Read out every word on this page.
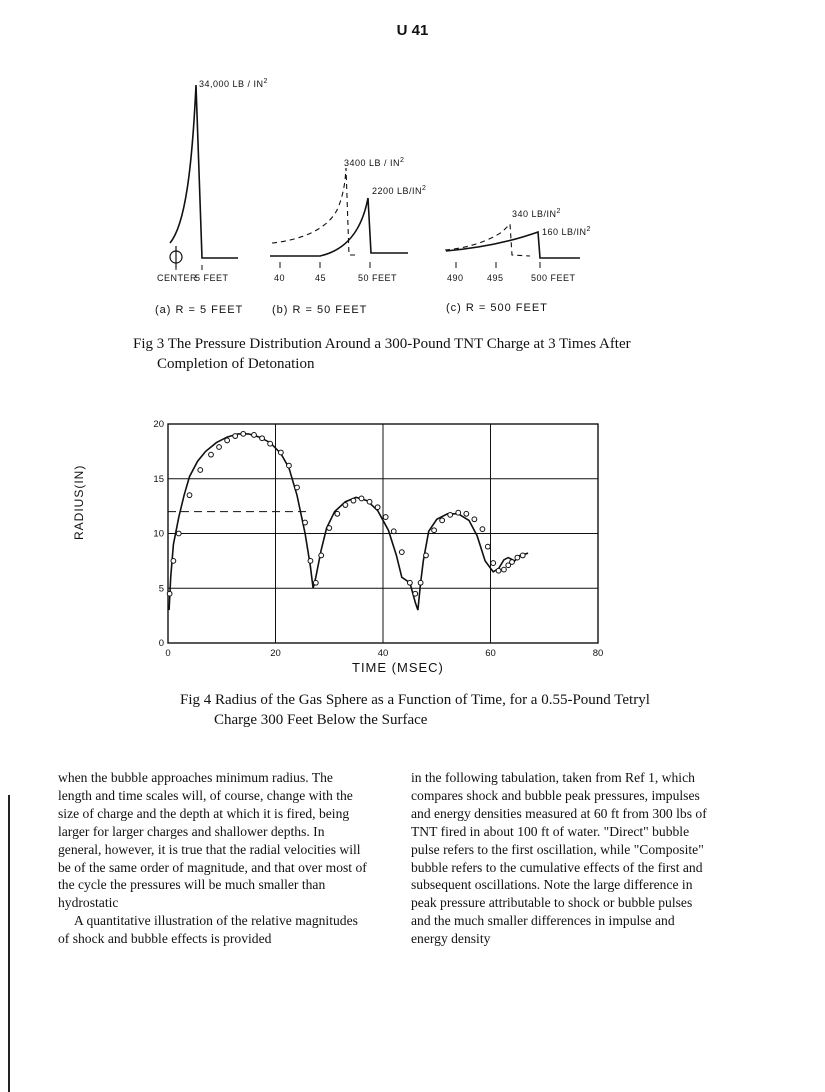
U 41
34,000 LB / $IN^2$
3400 LB / $IN^2$
2200 $LB/IN^2$
340 $LB/IN^2$
160 $LB/IN^2$
CENTER
5 FEET	40	45	50 FEET	490	495	500 FEET
(a) R = 5 FEET	(b) R = 50 FEET	(c) R = 500 FEET
Fig 3 The Pressure Distribution Around a 300-Pound TNT Charge at 3 Times After Completion of Detonation
0	20	40	60	80
0
5
10
15
20
TIME (MSEC)
RADIUS(IN)
Fig 4 Radius of the Gas Sphere as a Function of Time, for a 0.55-Pound Tetryl Charge 300 Feet Below the Surface

when the bubble approaches minimum radius. The length and time scales will, of course, change with the size of charge and the depth at which it is fired, being larger for larger charges and shallower depths. In general, however, it is true that the radial velocities will be of the same order of magnitude, and that over most of the cycle the pressures will be much smaller than hydrostatic

A quantitative illustration of the relative magnitudes of shock and bubble effects is provided

in the following tabulation, taken from Ref 1, which compares shock and bubble peak pressures, impulses and energy densities measured at 60 ft from 300 lbs of TNT fired in about 100 ft of water. "Direct" bubble pulse refers to the first oscillation, while "Composite" bubble refers to the cumulative effects of the first and subsequent oscillations. Note the large difference in peak pressure attributable to shock or bubble pulses and the much smaller differences in impulse and energy density
